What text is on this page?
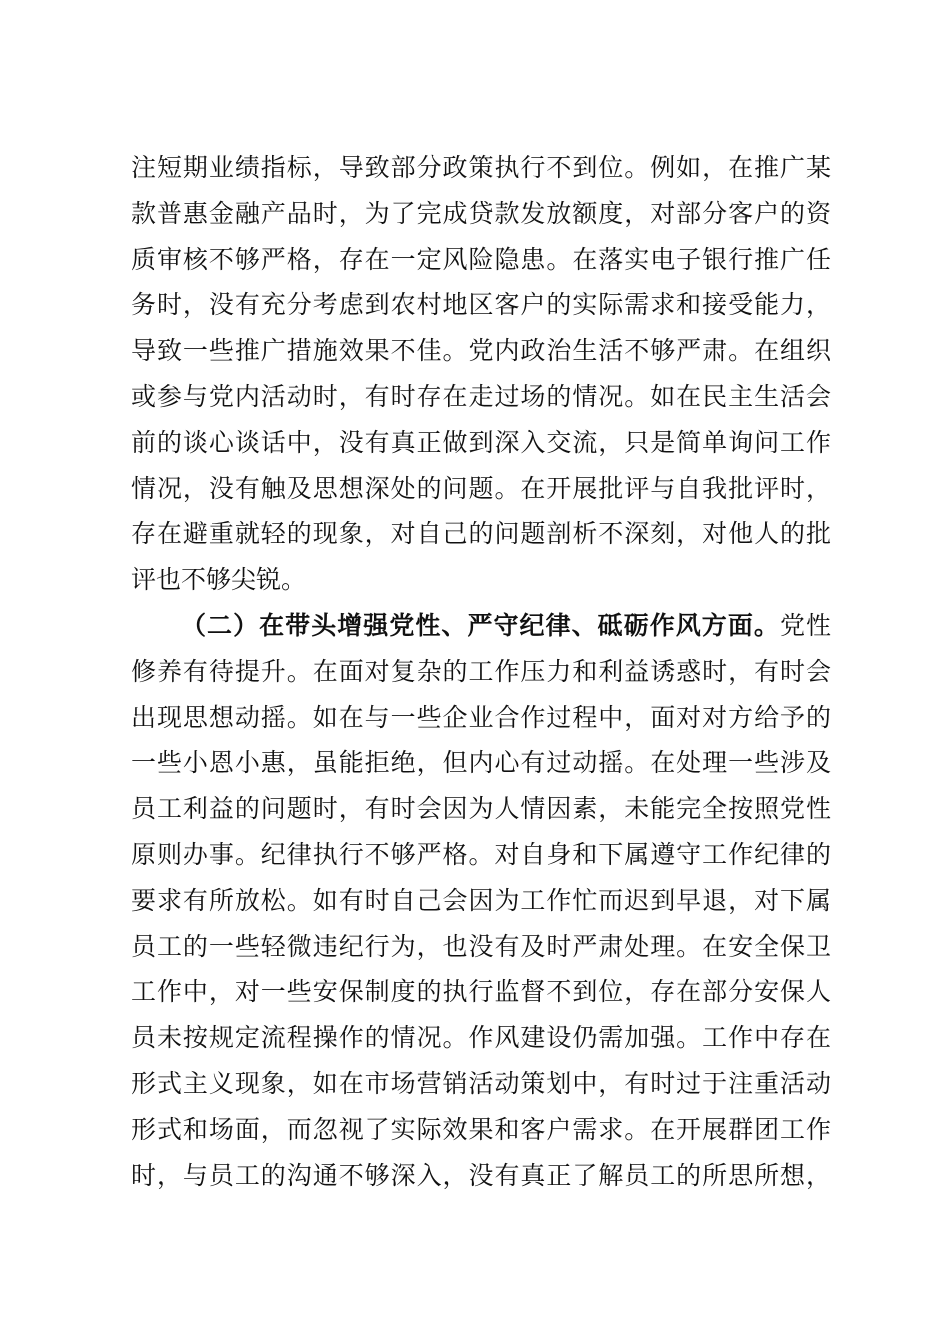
注短期业绩指标，导致部分政策执行不到位。例如，在推广某
款普惠金融产品时，为了完成贷款发放额度，对部分客户的资
质审核不够严格，存在一定风险隐患。在落实电子银行推广任
务时，没有充分考虑到农村地区客户的实际需求和接受能力，
导致一些推广措施效果不佳。党内政治生活不够严肃。在组织
或参与党内活动时，有时存在走过场的情况。如在民主生活会
前的谈心谈话中，没有真正做到深入交流，只是简单询问工作
情况，没有触及思想深处的问题。在开展批评与自我批评时，
存在避重就轻的现象，对自己的问题剖析不深刻，对他人的批
评也不够尖锐。
（二）在带头增强党性、严守纪律、砥砺作风方面。党性
修养有待提升。在面对复杂的工作压力和利益诱惑时，有时会
出现思想动摇。如在与一些企业合作过程中，面对对方给予的
一些小恩小惠，虽能拒绝，但内心有过动摇。在处理一些涉及
员工利益的问题时，有时会因为人情因素，未能完全按照党性
原则办事。纪律执行不够严格。对自身和下属遵守工作纪律的
要求有所放松。如有时自己会因为工作忙而迟到早退，对下属
员工的一些轻微违纪行为，也没有及时严肃处理。在安全保卫
工作中，对一些安保制度的执行监督不到位，存在部分安保人
员未按规定流程操作的情况。作风建设仍需加强。工作中存在
形式主义现象，如在市场营销活动策划中，有时过于注重活动
形式和场面，而忽视了实际效果和客户需求。在开展群团工作
时，与员工的沟通不够深入，没有真正了解员工的所思所想，
